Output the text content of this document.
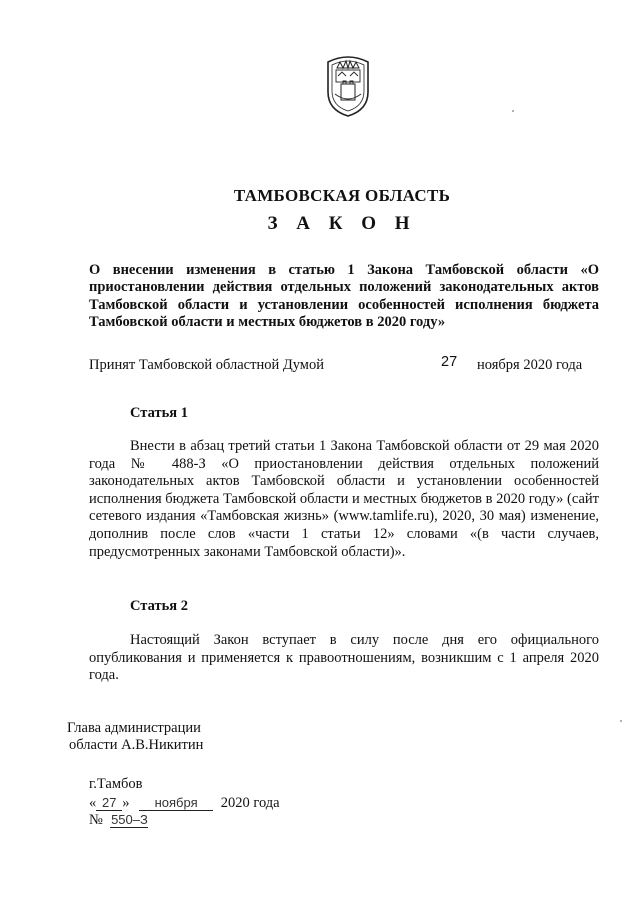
ТАМБОВСКАЯ ОБЛАСТЬ
З А К О Н
О внесении изменения в статью 1 Закона Тамбовской области «О приостановлении действия отдельных положений законодательных актов Тамбовской области и установлении особенностей исполнения бюджета Тамбовской области и местных бюджетов в 2020 году»
Принят Тамбовской областной Думой	27 ноября 2020 года
Статья 1
Внести в абзац третий статьи 1 Закона Тамбовской области от 29 мая 2020 года № 488-З «О приостановлении действия отдельных положений законодательных актов Тамбовской области и установлении особенностей исполнения бюджета Тамбовской области и местных бюджетов в 2020 году» (сайт сетевого издания «Тамбовская жизнь» (www.tamlife.ru), 2020, 30 мая) изменение, дополнив после слов «части 1 статьи 12» словами «(в части случаев, предусмотренных законами Тамбовской области)».
Статья 2
Настоящий Закон вступает в силу после дня его официального опубликования и применяется к правоотношениям, возникшим с 1 апреля 2020 года.
Глава администрации
области А.В.Никитин
г.Тамбов
« 27 » ноября 2020 года
№ 550–З
